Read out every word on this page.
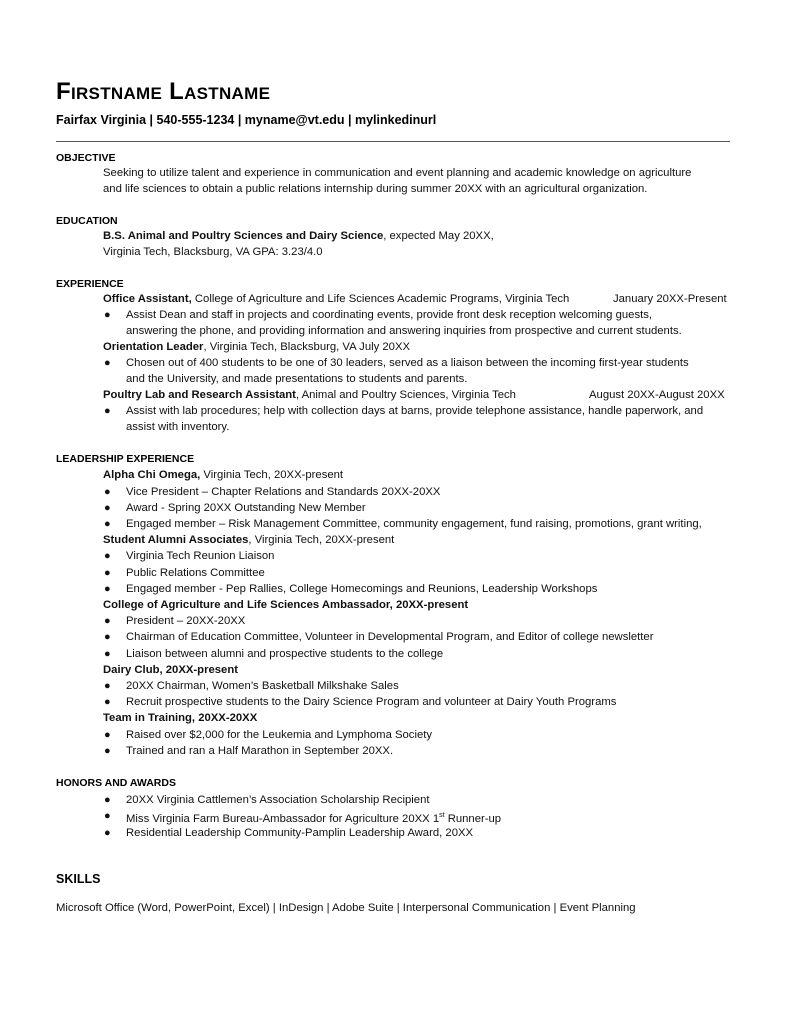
Firstname Lastname
Fairfax Virginia | 540-555-1234 | myname@vt.edu | mylinkedinurl
OBJECTIVE
Seeking to utilize talent and experience in communication and event planning and academic knowledge on agriculture
and life sciences to obtain a public relations internship during summer 20XX with an agricultural organization.
EDUCATION
B.S. Animal and Poultry Sciences and Dairy Science, expected May 20XX,
Virginia Tech, Blacksburg, VA GPA: 3.23/4.0
EXPERIENCE
Office Assistant, College of Agriculture and Life Sciences Academic Programs, Virginia Tech	January 20XX-Present
● Assist Dean and staff in projects and coordinating events, provide front desk reception welcoming guests,
answering the phone, and providing information and answering inquiries from prospective and current students.
Orientation Leader, Virginia Tech, Blacksburg, VA July 20XX
● Chosen out of 400 students to be one of 30 leaders, served as a liaison between the incoming first-year students
and the University, and made presentations to students and parents.
Poultry Lab and Research Assistant, Animal and Poultry Sciences, Virginia Tech	August 20XX-August 20XX
● Assist with lab procedures; help with collection days at barns, provide telephone assistance, handle paperwork, and
assist with inventory.
LEADERSHIP EXPERIENCE
Alpha Chi Omega, Virginia Tech, 20XX-present
● Vice President – Chapter Relations and Standards 20XX-20XX
● Award - Spring 20XX Outstanding New Member
● Engaged member – Risk Management Committee, community engagement, fund raising, promotions, grant writing,
Student Alumni Associates, Virginia Tech, 20XX-present
● Virginia Tech Reunion Liaison
● Public Relations Committee
● Engaged member - Pep Rallies, College Homecomings and Reunions, Leadership Workshops
College of Agriculture and Life Sciences Ambassador, 20XX-present
● President – 20XX-20XX
● Chairman of Education Committee, Volunteer in Developmental Program, and Editor of college newsletter
● Liaison between alumni and prospective students to the college
Dairy Club, 20XX-present
● 20XX Chairman, Women’s Basketball Milkshake Sales
● Recruit prospective students to the Dairy Science Program and volunteer at Dairy Youth Programs
Team in Training, 20XX-20XX
● Raised over $2,000 for the Leukemia and Lymphoma Society
● Trained and ran a Half Marathon in September 20XX.
HONORS AND AWARDS
● 20XX Virginia Cattlemen’s Association Scholarship Recipient
● Miss Virginia Farm Bureau-Ambassador for Agriculture 20XX 1st Runner-up
● Residential Leadership Community-Pamplin Leadership Award, 20XX
SKILLS
Microsoft Office (Word, PowerPoint, Excel) | InDesign | Adobe Suite | Interpersonal Communication | Event Planning
